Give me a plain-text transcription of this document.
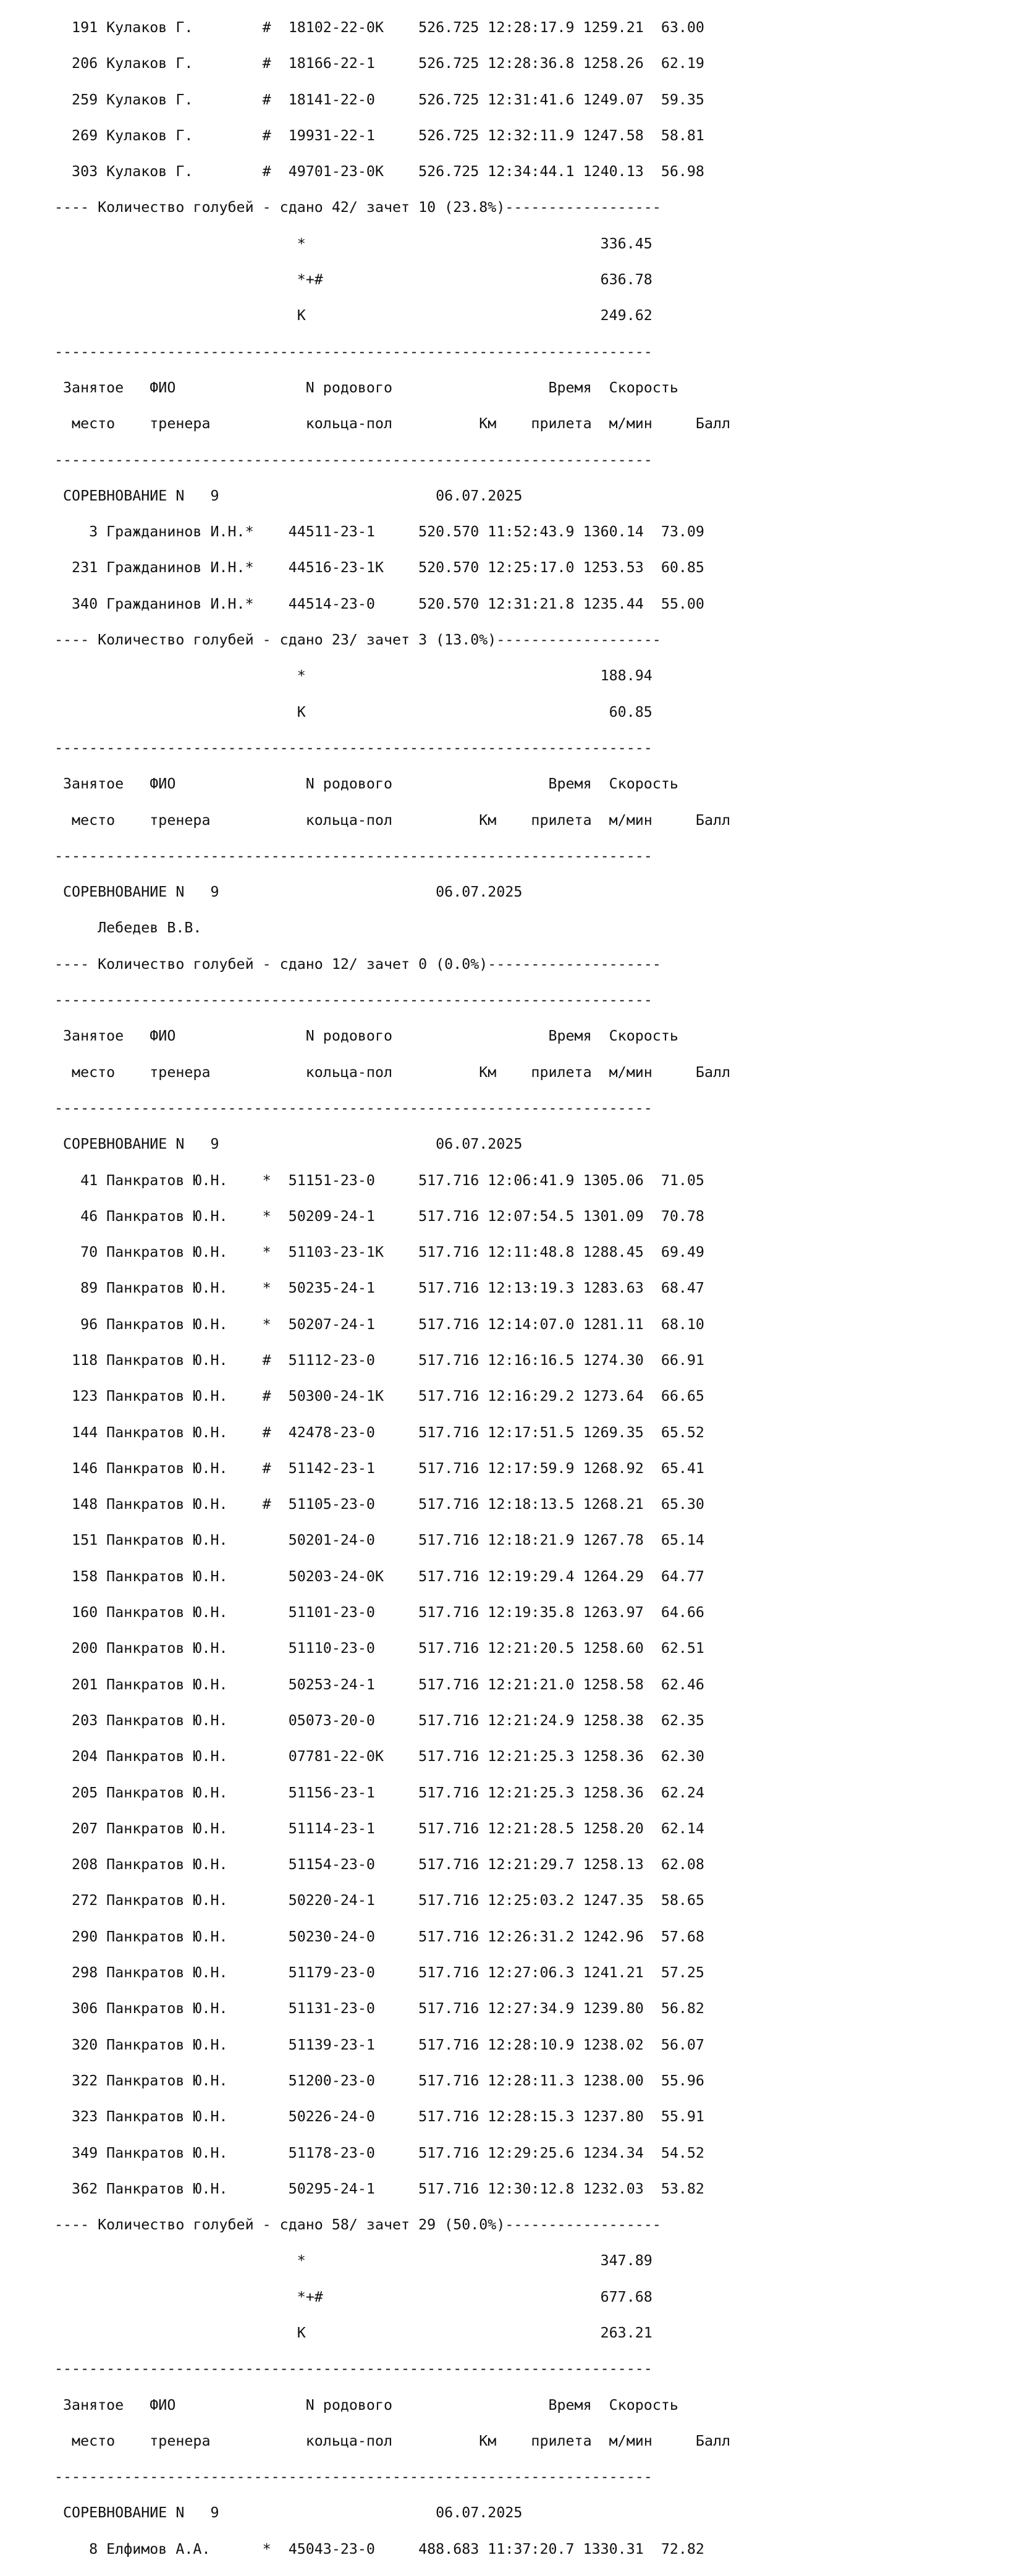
191 Кулаков Г.        #  18102-22-0К    526.725 12:28:17.9 1259.21  63.00

206 Кулаков Г.        #  18166-22-1     526.725 12:28:36.8 1258.26  62.19

259 Кулаков Г.        #  18141-22-0     526.725 12:31:41.6 1249.07  59.35

269 Кулаков Г.        #  19931-22-1     526.725 12:32:11.9 1247.58  58.81

303 Кулаков Г.        #  49701-23-0К    526.725 12:34:44.1 1240.13  56.98

---- Количество голубей - сдано 42/ зачет 10 (23.8%)------------------

*                                  336.45

*+#                                636.78

К                                  249.62

---------------------------------------------------------------------

Занятое   ФИО               N родового                  Время  Скорость

место    тренера           кольца-пол          Км    прилета  м/мин     Балл

---------------------------------------------------------------------

СОРЕВНОВАНИЕ N   9                         06.07.2025

3 Гражданинов И.Н.*    44511-23-1     520.570 11:52:43.9 1360.14  73.09

231 Гражданинов И.Н.*    44516-23-1К    520.570 12:25:17.0 1253.53  60.85

340 Гражданинов И.Н.*    44514-23-0     520.570 12:31:21.8 1235.44  55.00

---- Количество голубей - сдано 23/ зачет 3 (13.0%)-------------------

*                                  188.94

К                                   60.85

---------------------------------------------------------------------

Занятое   ФИО               N родового                  Время  Скорость

место    тренера           кольца-пол          Км    прилета  м/мин     Балл

---------------------------------------------------------------------

СОРЕВНОВАНИЕ N   9                         06.07.2025

Лебедев В.В.

---- Количество голубей - сдано 12/ зачет 0 (0.0%)--------------------

---------------------------------------------------------------------

Занятое   ФИО               N родового                  Время  Скорость

место    тренера           кольца-пол          Км    прилета  м/мин     Балл

---------------------------------------------------------------------

СОРЕВНОВАНИЕ N   9                         06.07.2025

41 Панкратов Ю.Н.    *  51151-23-0     517.716 12:06:41.9 1305.06  71.05

46 Панкратов Ю.Н.    *  50209-24-1     517.716 12:07:54.5 1301.09  70.78

70 Панкратов Ю.Н.    *  51103-23-1К    517.716 12:11:48.8 1288.45  69.49

89 Панкратов Ю.Н.    *  50235-24-1     517.716 12:13:19.3 1283.63  68.47

96 Панкратов Ю.Н.    *  50207-24-1     517.716 12:14:07.0 1281.11  68.10

118 Панкратов Ю.Н.    #  51112-23-0     517.716 12:16:16.5 1274.30  66.91

123 Панкратов Ю.Н.    #  50300-24-1К    517.716 12:16:29.2 1273.64  66.65

144 Панкратов Ю.Н.    #  42478-23-0     517.716 12:17:51.5 1269.35  65.52

146 Панкратов Ю.Н.    #  51142-23-1     517.716 12:17:59.9 1268.92  65.41

148 Панкратов Ю.Н.    #  51105-23-0     517.716 12:18:13.5 1268.21  65.30

151 Панкратов Ю.Н.       50201-24-0     517.716 12:18:21.9 1267.78  65.14

158 Панкратов Ю.Н.       50203-24-0К    517.716 12:19:29.4 1264.29  64.77

160 Панкратов Ю.Н.       51101-23-0     517.716 12:19:35.8 1263.97  64.66

200 Панкратов Ю.Н.       51110-23-0     517.716 12:21:20.5 1258.60  62.51

201 Панкратов Ю.Н.       50253-24-1     517.716 12:21:21.0 1258.58  62.46

203 Панкратов Ю.Н.       05073-20-0     517.716 12:21:24.9 1258.38  62.35

204 Панкратов Ю.Н.       07781-22-0К    517.716 12:21:25.3 1258.36  62.30

205 Панкратов Ю.Н.       51156-23-1     517.716 12:21:25.3 1258.36  62.24

207 Панкратов Ю.Н.       51114-23-1     517.716 12:21:28.5 1258.20  62.14

208 Панкратов Ю.Н.       51154-23-0     517.716 12:21:29.7 1258.13  62.08

272 Панкратов Ю.Н.       50220-24-1     517.716 12:25:03.2 1247.35  58.65

290 Панкратов Ю.Н.       50230-24-0     517.716 12:26:31.2 1242.96  57.68

298 Панкратов Ю.Н.       51179-23-0     517.716 12:27:06.3 1241.21  57.25

306 Панкратов Ю.Н.       51131-23-0     517.716 12:27:34.9 1239.80  56.82

320 Панкратов Ю.Н.       51139-23-1     517.716 12:28:10.9 1238.02  56.07

322 Панкратов Ю.Н.       51200-23-0     517.716 12:28:11.3 1238.00  55.96

323 Панкратов Ю.Н.       50226-24-0     517.716 12:28:15.3 1237.80  55.91

349 Панкратов Ю.Н.       51178-23-0     517.716 12:29:25.6 1234.34  54.52

362 Панкратов Ю.Н.       50295-24-1     517.716 12:30:12.8 1232.03  53.82

---- Количество голубей - сдано 58/ зачет 29 (50.0%)------------------

*                                  347.89

*+#                                677.68

К                                  263.21

---------------------------------------------------------------------

Занятое   ФИО               N родового                  Время  Скорость

место    тренера           кольца-пол          Км    прилета  м/мин     Балл

---------------------------------------------------------------------

СОРЕВНОВАНИЕ N   9                         06.07.2025

8 Елфимов А.А.      *  45043-23-0     488.683 11:37:20.7 1330.31  72.82
